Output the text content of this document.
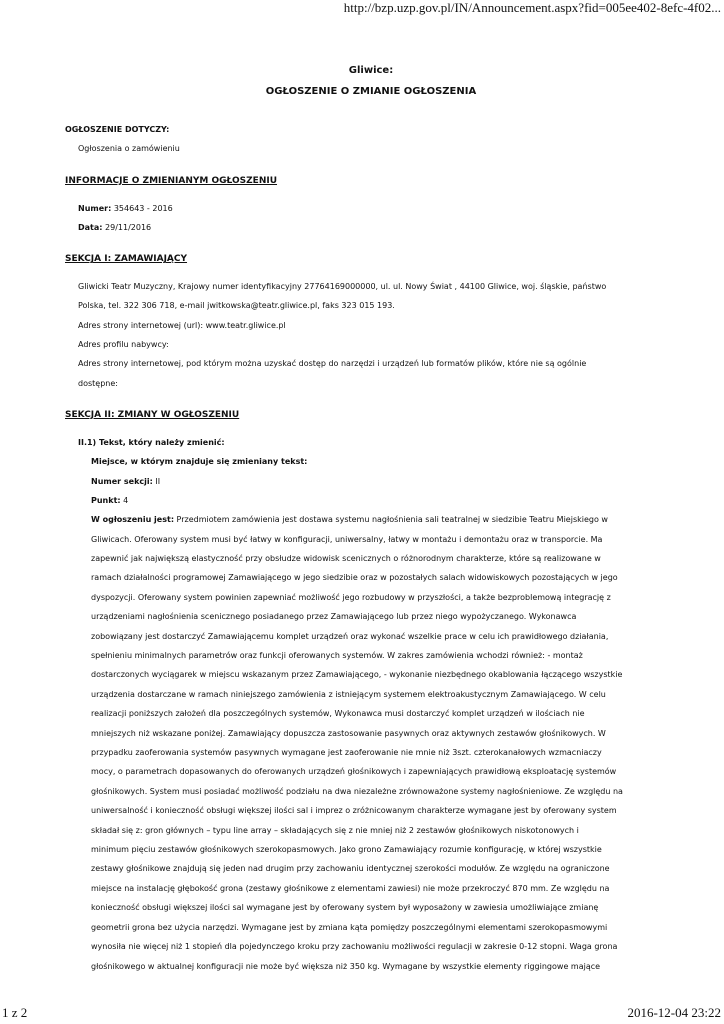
http://bzp.uzp.gov.pl/IN/Announcement.aspx?fid=005ee402-8efc-4f02...
Gliwice:
OGŁOSZENIE O ZMIANIE OGŁOSZENIA
OGŁOSZENIE DOTYCZY:
Ogłoszenia o zamówieniu
INFORMACJE O ZMIENIANYM OGŁOSZENIU
Numer: 354643 - 2016
Data: 29/11/2016
SEKCJA I: ZAMAWIAJĄCY
Gliwicki Teatr Muzyczny, Krajowy numer identyfikacyjny 27764169000000, ul. ul. Nowy Świat , 44100 Gliwice, woj. śląskie, państwo
Polska, tel. 322 306 718, e-mail jwitkowska@teatr.gliwice.pl, faks 323 015 193.
Adres strony internetowej (url): www.teatr.gliwice.pl
Adres profilu nabywcy:
Adres strony internetowej, pod którym można uzyskać dostęp do narzędzi i urządzeń lub formatów plików, które nie są ogólnie
dostępne:
SEKCJA II: ZMIANY W OGŁOSZENIU
II.1) Tekst, który należy zmienić:
Miejsce, w którym znajduje się zmieniany tekst:
Numer sekcji: II
Punkt: 4
W ogłoszeniu jest: Przedmiotem zamówienia jest dostawa systemu nagłośnienia sali teatralnej w siedzibie Teatru Miejskiego w
Gliwicach. Oferowany system musi być łatwy w konfiguracji, uniwersalny, łatwy w montażu i demontażu oraz w transporcie. Ma
zapewnić jak największą elastyczność przy obsłudze widowisk scenicznych o różnorodnym charakterze, które są realizowane w
ramach działalności programowej Zamawiającego w jego siedzibie oraz w pozostałych salach widowiskowych pozostających w jego
dyspozycji. Oferowany system powinien zapewniać możliwość jego rozbudowy w przyszłości, a także bezproblemową integrację z
urządzeniami nagłośnienia scenicznego posiadanego przez Zamawiającego lub przez niego wypożyczanego. Wykonawca
zobowiązany jest dostarczyć Zamawiającemu komplet urządzeń oraz wykonać wszelkie prace w celu ich prawidłowego działania,
spełnieniu minimalnych parametrów oraz funkcji oferowanych systemów. W zakres zamówienia wchodzi również: - montaż
dostarczonych wyciągarek w miejscu wskazanym przez Zamawiającego, - wykonanie niezbędnego okablowania łączącego wszystkie
urządzenia dostarczane w ramach niniejszego zamówienia z istniejącym systemem elektroakustycznym Zamawiającego. W celu
realizacji poniższych założeń dla poszczególnych systemów, Wykonawca musi dostarczyć komplet urządzeń w ilościach nie
mniejszych niż wskazane poniżej. Zamawiający dopuszcza zastosowanie pasywnych oraz aktywnych zestawów głośnikowych. W
przypadku zaoferowania systemów pasywnych wymagane jest zaoferowanie nie mnie niż 3szt. czterokanałowych wzmacniaczy
mocy, o parametrach dopasowanych do oferowanych urządzeń głośnikowych i zapewniających prawidłową eksploatację systemów
głośnikowych. System musi posiadać możliwość podziału na dwa niezależne zrównoważone systemy nagłośnieniowe. Ze względu na
uniwersalność i konieczność obsługi większej ilości sal i imprez o zróżnicowanym charakterze wymagane jest by oferowany system
składał się z: gron głównych – typu line array – składających się z nie mniej niż 2 zestawów głośnikowych niskotonowych i
minimum pięciu zestawów głośnikowych szerokopasmowych. Jako grono Zamawiający rozumie konfigurację, w której wszystkie
zestawy głośnikowe znajdują się jeden nad drugim przy zachowaniu identycznej szerokości modułów. Ze względu na ograniczone
miejsce na instalację głębokość grona (zestawy głośnikowe z elementami zawiesi) nie może przekroczyć 870 mm. Ze względu na
konieczność obsługi większej ilości sal wymagane jest by oferowany system był wyposażony w zawiesia umożliwiające zmianę
geometrii grona bez użycia narzędzi. Wymagane jest by zmiana kąta pomiędzy poszczególnymi elementami szerokopasmowymi
wynosiła nie więcej niż 1 stopień dla pojedynczego kroku przy zachowaniu możliwości regulacji w zakresie 0-12 stopni. Waga grona
głośnikowego w aktualnej konfiguracji nie może być większa niż 350 kg. Wymagane by wszystkie elementy riggingowe mające
1 z 2	2016-12-04 23:22
